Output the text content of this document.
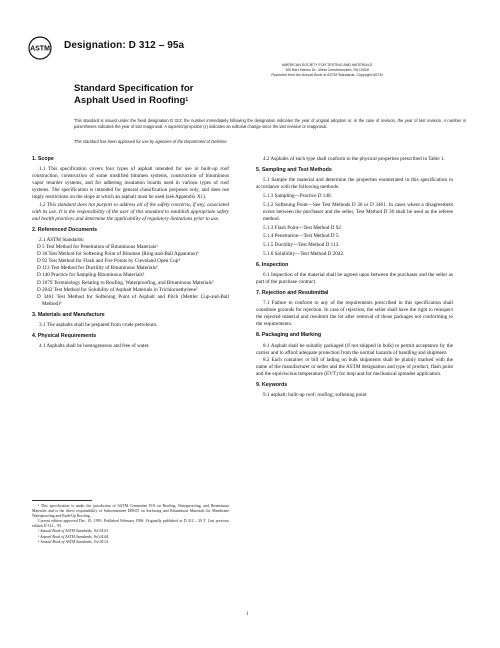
ASTM Designation: D 312 – 95a
AMERICAN SOCIETY FOR TESTING AND MATERIALS
100 Barr Harbor Dr., West Conshohocken, PA 19428
Reprinted from the Annual Book of ASTM Standards. Copyright ASTM
Standard Specification for
Asphalt Used in Roofing$^1$
This standard is issued under the fixed designation D 312; the number immediately following the designation indicates the year of original adoption or, in the case of revision, the year of last revision. A number in parentheses indicates the year of last reapproval. A superscript epsilon (ε) indicates an editorial change since the last revision or reapproval.
This standard has been approved for use by agencies of the Department of Defense.

1. Scope

1.1 This specification covers four types of asphalt intended for use in built-up roof construction, construction of some modified bitumen systems, construction of bituminous vapor retarder systems, and for adhering insulation boards used in various types of roof systems. The specification is intended for general classification purposes only, and does not imply restrictions on the slope at which an asphalt must be used (see Appendix X1).

1.2 This standard does not purport to address all of the safety concerns, if any, associated with its use. It is the responsibility of the user of this standard to establish appropriate safety and health practices and determine the applicability of regulatory limitations prior to use.

2. Referenced Documents

2.1 ASTM Standards:

D 5 Test Method for Penetration of Bituminous Materials²

D 36 Test Method for Softening Point of Bitumen (Ring-and-Ball Apparatus)³

D 92 Test Method for Flash and Fire Points by Cleveland Open Cup⁴

D 113 Test Method for Ductility of Bituminous Materials²

D 140 Practice for Sampling Bituminous Materials²

D 1079 Terminology Relating to Roofing, Waterproofing, and Bituminous Materials³

D 2042 Test Method for Solubility of Asphalt Materials in Trichloroethylene²

D 3461 Test Method for Softening Point of Asphalt and Pitch (Mettler Cup-and-Ball Method)³

3. Materials and Manufacture

3.1 The asphalts shall be prepared from crude petroleum.

4. Physical Requirements

4.1 Asphalts shall be homogeneous and free of water.

¹ This specification is under the jurisdiction of ASTM Committee D-8 on Roofing, Waterproofing, and Bituminous Materials and is the direct responsibility of Subcommittee D08.05 on Surfacing and Bituminous Materials for Membrane Waterproofing and Built-Up Roofing.

Current edition approved Dec. 10, 1995. Published February 1996. Originally published as D 312 – 29 T. Last previous edition D 312 – 95.

² Annual Book of ASTM Standards, Vol 04.03.

³ Annual Book of ASTM Standards, Vol 04.04.

⁴ Annual Book of ASTM Standards, Vol 05.01.

4.2 Asphalts of each type shall conform to the physical properties prescribed in Table 1.

5. Sampling and Test Methods

5.1 Sample the material and determine the properties enumerated in this specification in accordance with the following methods:

5.1.1 Sampling—Practice D 140.

5.1.2 Softening Point—See Test Methods D 36 or D 3461. In cases where a disagreement exists between the purchaser and the seller, Test Method D 36 shall be used as the referee method.

5.1.3 Flash Point—Test Method D 92.

5.1.4 Penetration—Test Method D 5.

5.1.5 Ductility—Test Method D 113.

5.1.6 Solubility—Test Method D 2042.

6. Inspection

6.1 Inspection of the material shall be agreed upon between the purchaser and the seller as part of the purchase contract.

7. Rejection and Resubmittal

7.1 Failure to conform to any of the requirements prescribed in this specification shall constitute grounds for rejection. In case of rejection, the seller shall have the right to reinspect the rejected material and resubmit the lot after removal of those packages not conforming to the requirements.

8. Packaging and Marking

8.1 Asphalt shall be suitably packaged (if not shipped in bulk) to permit acceptance by the carrier and to afford adequate protection from the normal hazards of handling and shipment.

8.2 Each container or bill of lading on bulk shipments shall be plainly marked with the name of the manufacturer or seller and the ASTM designation and type of product, flash point and the equiviscous temperature (EVT) for mop and for mechanical spreader application.

9. Keywords

9.1 asphalt; built-up roof; roofing; softening point

1
